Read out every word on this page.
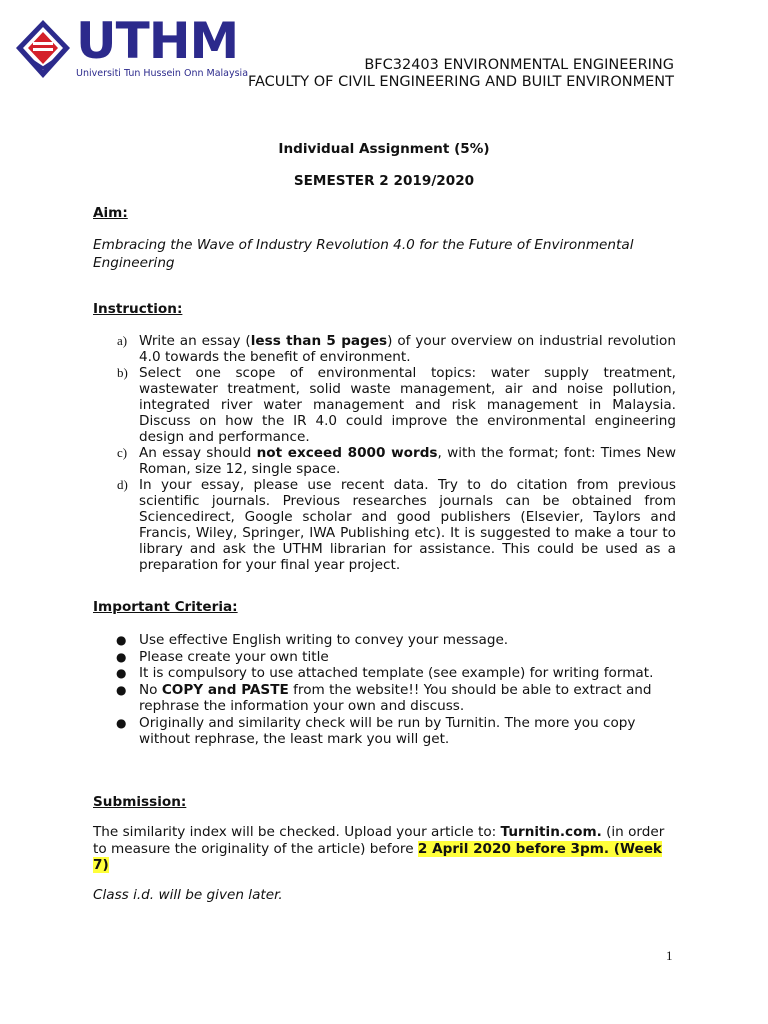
UTHM
Universiti Tun Hussein Onn Malaysia
BFC32403 ENVIRONMENTAL ENGINEERING
FACULTY OF CIVIL ENGINEERING AND BUILT ENVIRONMENT
Individual Assignment (5%)
SEMESTER 2 2019/2020
Aim:
Embracing the Wave of Industry Revolution 4.0 for the Future of Environmental Engineering
Instruction:
a) Write an essay (less than 5 pages) of your overview on industrial revolution 4.0 towards the benefit of environment.
b) Select one scope of environmental topics: water supply treatment, wastewater treatment, solid waste management, air and noise pollution, integrated river water management and risk management in Malaysia. Discuss on how the IR 4.0 could improve the environmental engineering design and performance.
c) An essay should not exceed 8000 words, with the format; font: Times New Roman, size 12, single space.
d) In your essay, please use recent data. Try to do citation from previous scientific journals. Previous researches journals can be obtained from Sciencedirect, Google scholar and good publishers (Elsevier, Taylors and Francis, Wiley, Springer, IWA Publishing etc). It is suggested to make a tour to library and ask the UTHM librarian for assistance. This could be used as a preparation for your final year project.
Important Criteria:
● Use effective English writing to convey your message.
● Please create your own title
● It is compulsory to use attached template (see example) for writing format.
● No COPY and PASTE from the website!! You should be able to extract and rephrase the information your own and discuss.
● Originally and similarity check will be run by Turnitin. The more you copy without rephrase, the least mark you will get.
Submission:
The similarity index will be checked. Upload your article to: Turnitin.com. (in order to measure the originality of the article) before 2 April 2020 before 3pm. (Week 7)
Class i.d. will be given later.
1
